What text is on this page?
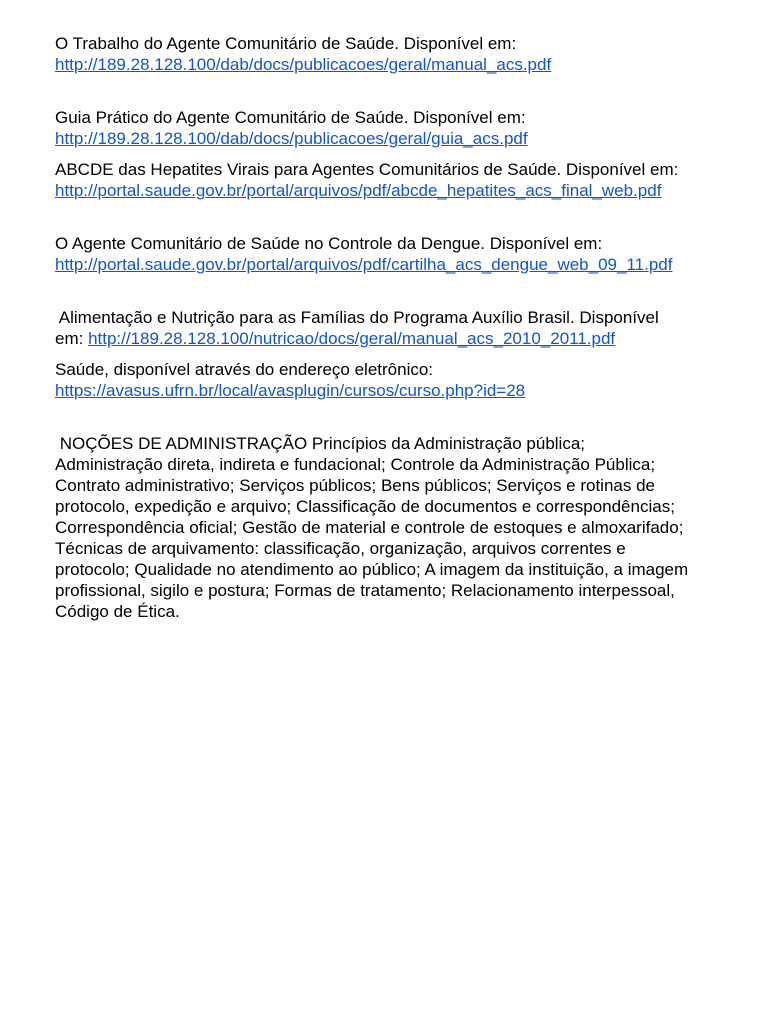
O Trabalho do Agente Comunitário de Saúde. Disponível em:
http://189.28.128.100/dab/docs/publicacoes/geral/manual_acs.pdf
Guia Prático do Agente Comunitário de Saúde. Disponível em:
http://189.28.128.100/dab/docs/publicacoes/geral/guia_acs.pdf
ABCDE das Hepatites Virais para Agentes Comunitários de Saúde. Disponível em:
http://portal.saude.gov.br/portal/arquivos/pdf/abcde_hepatites_acs_final_web.pdf
O Agente Comunitário de Saúde no Controle da Dengue. Disponível em:
http://portal.saude.gov.br/portal/arquivos/pdf/cartilha_acs_dengue_web_09_11.pdf
Alimentação e Nutrição para as Famílias do Programa Auxílio Brasil. Disponível
em: http://189.28.128.100/nutricao/docs/geral/manual_acs_2010_2011.pdf
Saúde, disponível através do endereço eletrônico:
https://avasus.ufrn.br/local/avasplugin/cursos/curso.php?id=28
NOÇÕES DE ADMINISTRAÇÃO Princípios da Administração pública;
Administração direta, indireta e fundacional; Controle da Administração Pública;
Contrato administrativo; Serviços públicos; Bens públicos; Serviços e rotinas de
protocolo, expedição e arquivo; Classificação de documentos e correspondências;
Correspondência oficial; Gestão de material e controle de estoques e almoxarifado;
Técnicas de arquivamento: classificação, organização, arquivos correntes e
protocolo; Qualidade no atendimento ao público; A imagem da instituição, a imagem
profissional, sigilo e postura; Formas de tratamento; Relacionamento interpessoal,
Código de Ética.
